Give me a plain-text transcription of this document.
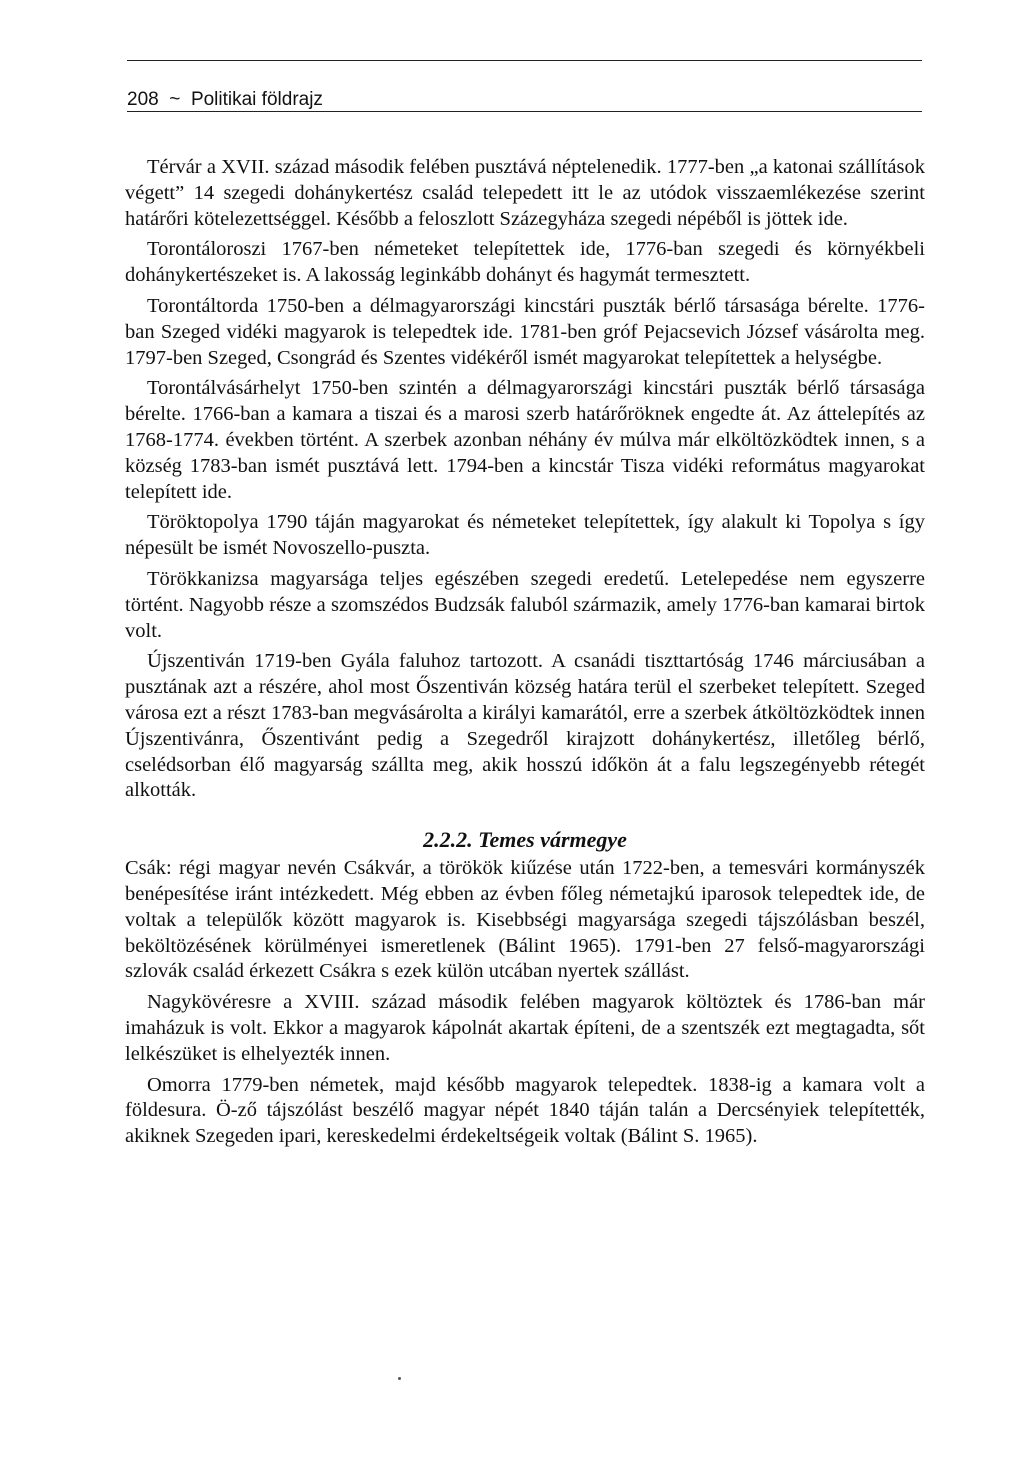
208 ~ Politikai földrajz

Térvár a XVII. század második felében pusztává néptelenedik. 1777-ben „a katonai szállítások végett” 14 szegedi dohánykertész család telepedett itt le az utódok visszaemlékezése szerint határőri kötelezettséggel. Később a feloszlott Százegyháza szegedi népéből is jöttek ide.

Torontáloroszi 1767-ben németeket telepítettek ide, 1776-ban szegedi és környékbeli dohánykertészeket is. A lakosság leginkább dohányt és hagymát termesztett.

Torontáltorda 1750-ben a délmagyarországi kincstári puszták bérlő társasága bérelte. 1776-ban Szeged vidéki magyarok is telepedtek ide. 1781-ben gróf Pejacsevich József vásárolta meg. 1797-ben Szeged, Csongrád és Szentes vidékéről ismét magyarokat telepítettek a helységbe.

Torontálvásárhelyt 1750-ben szintén a délmagyarországi kincstári puszták bérlő társasága bérelte. 1766-ban a kamara a tiszai és a marosi szerb határőröknek engedte át. Az áttelepítés az 1768-1774. években történt. A szerbek azonban néhány év múlva már elköltözködtek innen, s a község 1783-ban ismét pusztává lett. 1794-ben a kincstár Tisza vidéki református magyarokat telepített ide.

Töröktopolya 1790 táján magyarokat és németeket telepítettek, így alakult ki Topolya s így népesült be ismét Novoszello-puszta.

Törökkanizsa magyarsága teljes egészében szegedi eredetű. Letelepedése nem egyszerre történt. Nagyobb része a szomszédos Budzsák faluból származik, amely 1776-ban kamarai birtok volt.

Újszentiván 1719-ben Gyála faluhoz tartozott. A csanádi tiszttartóság 1746 márciusában a pusztának azt a részére, ahol most Őszentiván község határa terül el szerbeket telepített. Szeged városa ezt a részt 1783-ban megvásárolta a királyi kamarától, erre a szerbek átköltözködtek innen Újszentivánra, Őszentivánt pedig a Szegedről kirajzott dohánykertész, illetőleg bérlő, cselédsorban élő magyarság szállta meg, akik hosszú időkön át a falu legszegényebb rétegét alkották.

2.2.2. Temes vármegye

Csák: régi magyar nevén Csákvár, a törökök kiűzése után 1722-ben, a temesvári kormányszék benépesítése iránt intézkedett. Még ebben az évben főleg németajkú iparosok telepedtek ide, de voltak a települők között magyarok is. Kisebbségi magyarsága szegedi tájszólásban beszél, beköltözésének körülményei ismeretlenek (Bálint 1965). 1791-ben 27 felső-magyarországi szlovák család érkezett Csákra s ezek külön utcában nyertek szállást.

Nagykövéresre a XVIII. század második felében magyarok költöztek és 1786-ban már imaházuk is volt. Ekkor a magyarok kápolnát akartak építeni, de a szentszék ezt megtagadta, sőt lelkészüket is elhelyezték innen.

Omorra 1779-ben németek, majd később magyarok telepedtek. 1838-ig a kamara volt a földesura. Ö-ző tájszólást beszélő magyar népét 1840 táján talán a Dercsényiek telepítették, akiknek Szegeden ipari, kereskedelmi érdekeltségeik voltak (Bálint S. 1965).
